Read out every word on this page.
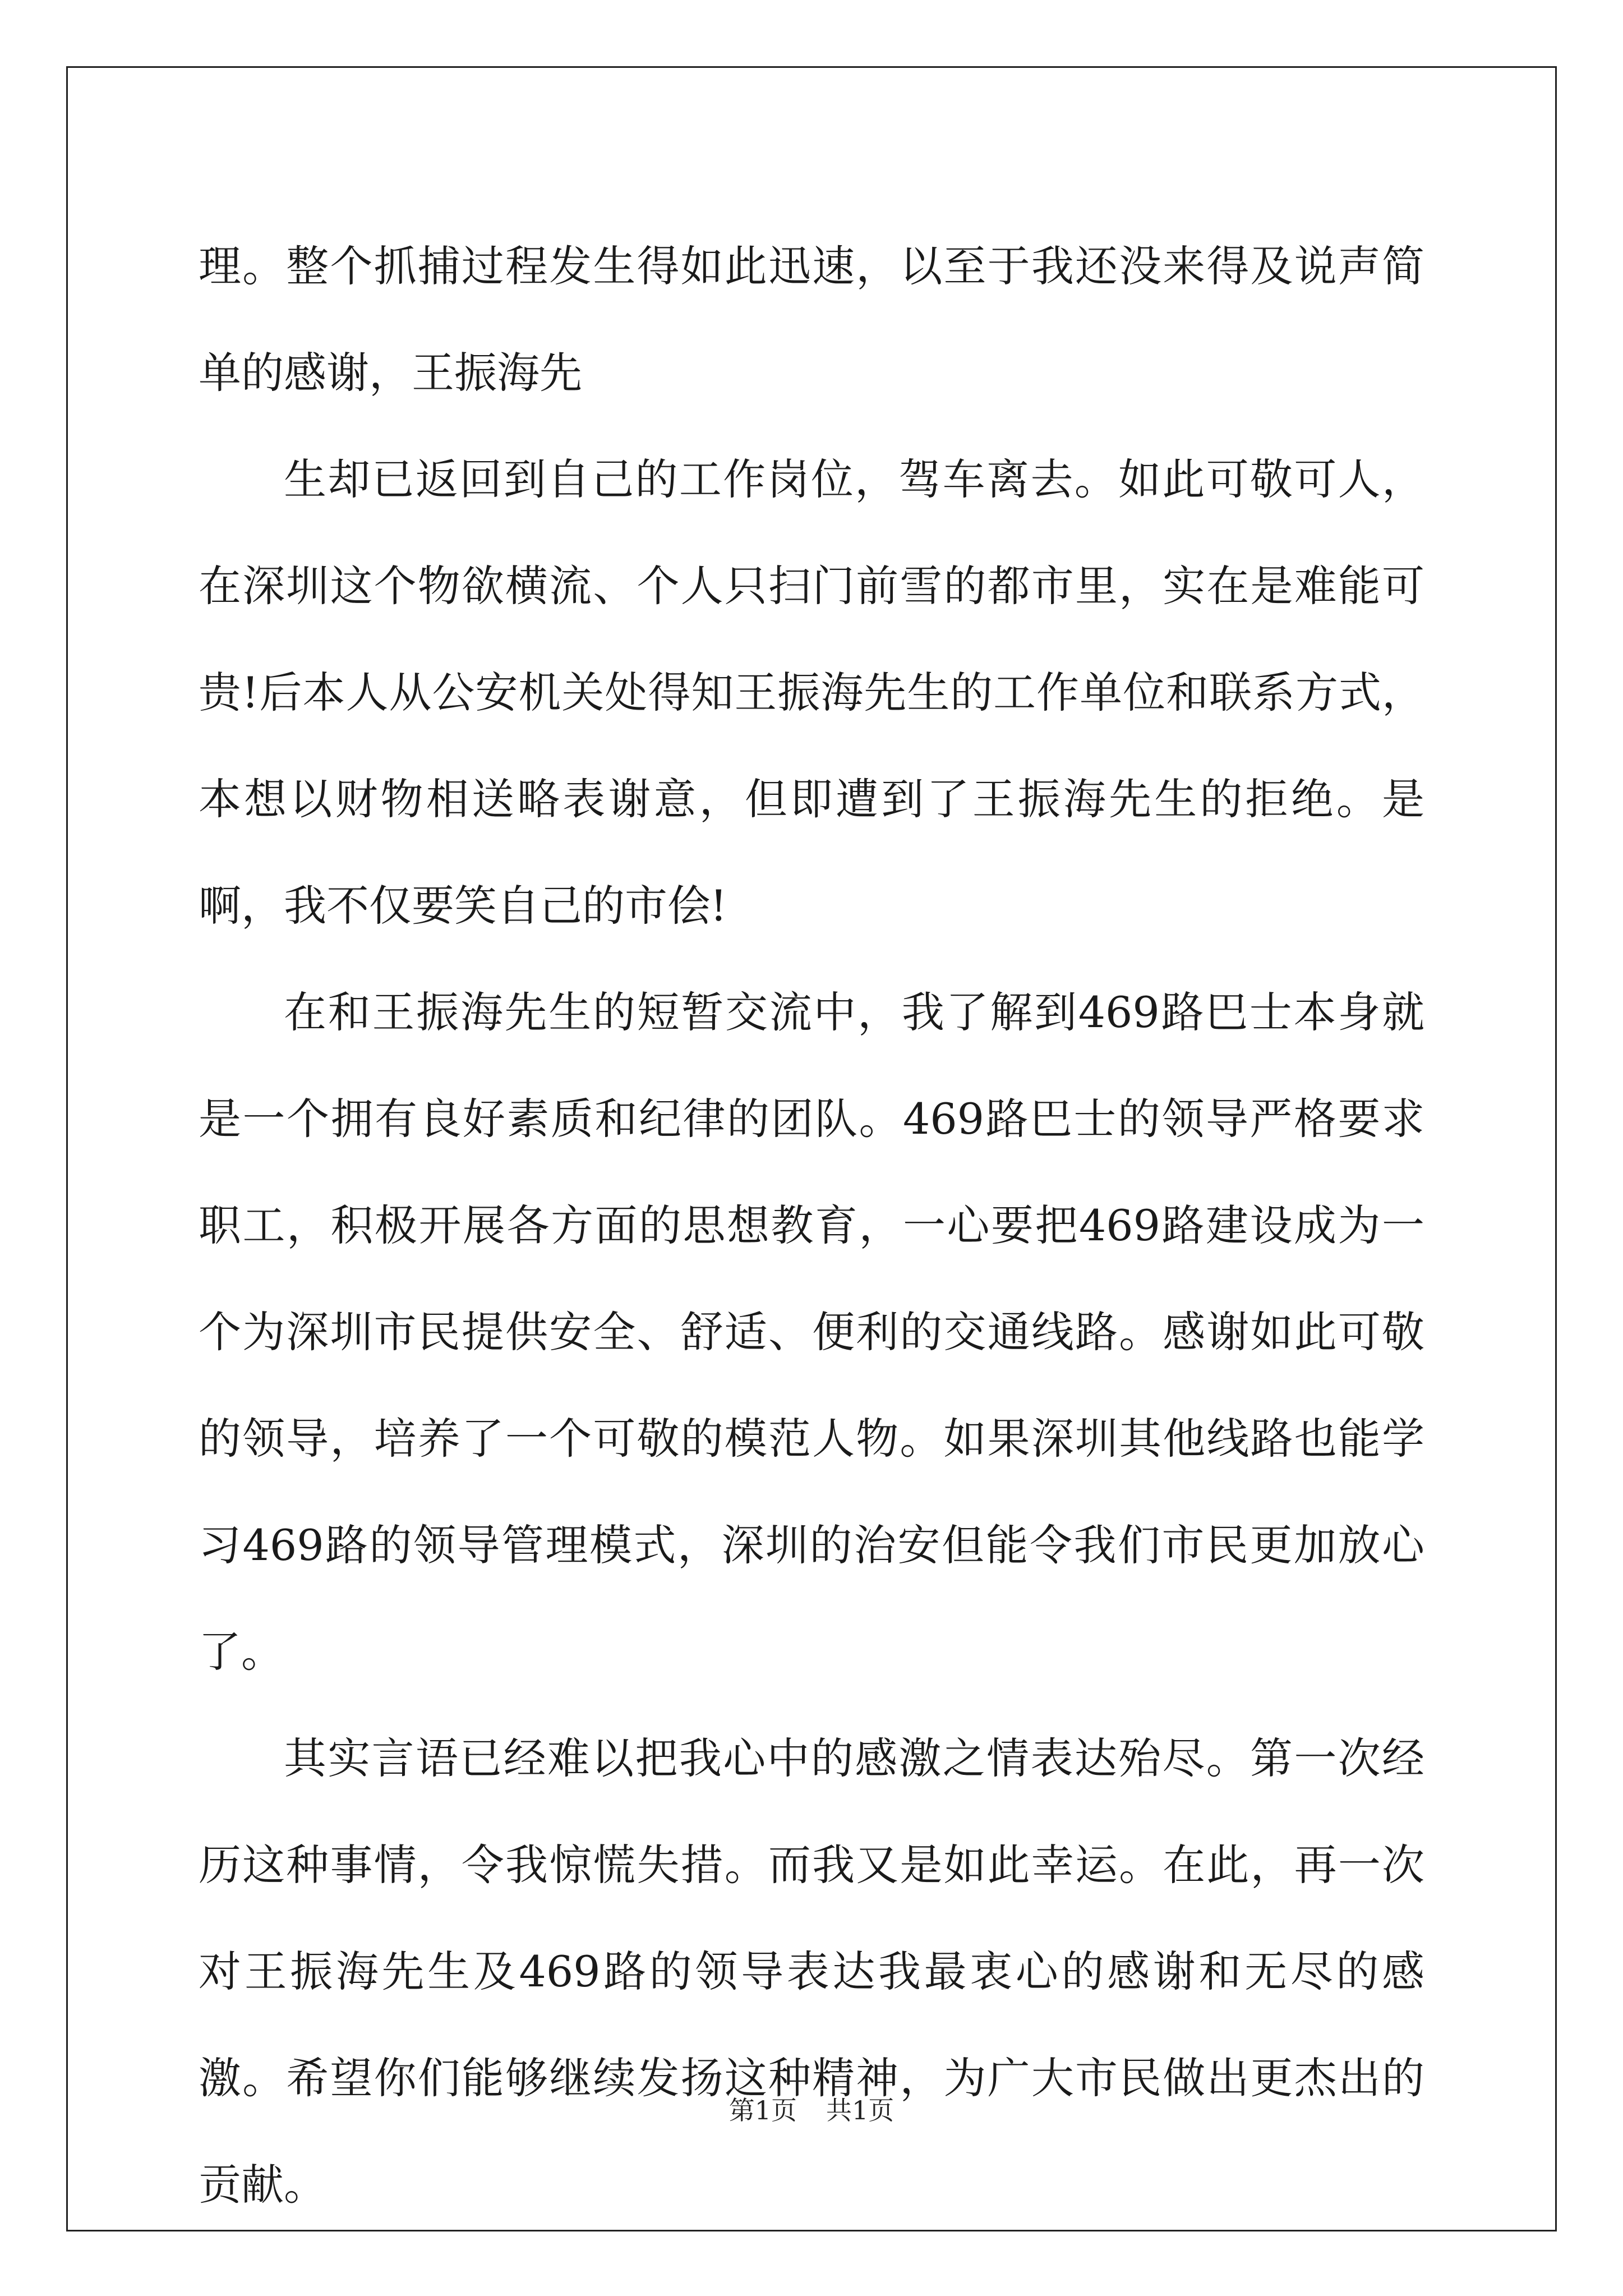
理。整个抓捕过程发生得如此迅速，以至于我还没来得及说声简单的感谢，王振海先

生却已返回到自己的工作岗位，驾车离去。如此可敬可人，在深圳这个物欲横流、个人只扫门前雪的都市里，实在是难能可贵!后本人从公安机关处得知王振海先生的工作单位和联系方式，本想以财物相送略表谢意，但即遭到了王振海先生的拒绝。是啊，我不仅要笑自己的市侩!

在和王振海先生的短暂交流中，我了解到469路巴士本身就是一个拥有良好素质和纪律的团队。469路巴士的领导严格要求职工，积极开展各方面的思想教育，一心要把469路建设成为一个为深圳市民提供安全、舒适、便利的交通线路。感谢如此可敬的领导，培养了一个可敬的模范人物。如果深圳其他线路也能学习469路的领导管理模式，深圳的治安但能令我们市民更加放心了。

其实言语已经难以把我心中的感激之情表达殆尽。第一次经历这种事情，令我惊慌失措。而我又是如此幸运。在此，再一次对王振海先生及469路的领导表达我最衷心的感谢和无尽的感激。希望你们能够继续发扬这种精神，为广大市民做出更杰出的贡献。

第1页 共1页
